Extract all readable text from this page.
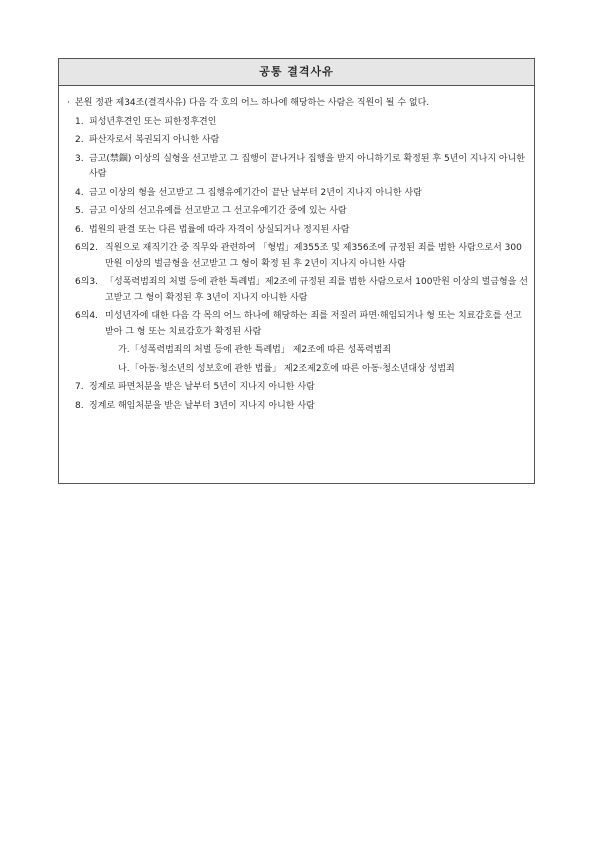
공통 결격사유
· 본원 정관 제34조(결격사유) 다음 각 호의 어느 하나에 해당하는 사람은 직원이 될 수 없다.
1. 피성년후견인 또는 피한정후견인
2. 파산자로서 복권되지 아니한 사람
3. 금고(禁錮) 이상의 실형을 선고받고 그 집행이 끝나거나 집행을 받지 아니하기로 확정된 후 5년이 지나지 아니한 사람
4. 금고 이상의 형을 선고받고 그 집행유예기간이 끝난 날부터 2년이 지나지 아니한 사람
5. 금고 이상의 선고유예를 선고받고 그 선고유예기간 중에 있는 사람
6. 법원의 판결 또는 다른 법률에 따라 자격이 상실되거나 정지된 사람
6의2. 직원으로 재직기간 중 직무와 관련하여 「형법」제355조 및 제356조에 규정된 죄를 범한 사람으로서 300만원 이상의 벌금형을 선고받고 그 형이 확정 된 후 2년이 지나지 아니한 사람
6의3. 「성폭력범죄의 처벌 등에 관한 특례법」제2조에 규정된 죄를 범한 사람으로서 100만원 이상의 벌금형을 선고받고 그 형이 확정된 후 3년이 지나지 아니한 사람
6의4. 미성년자에 대한 다음 각 목의 어느 하나에 해당하는 죄를 저질러 파면·해임되거나 형 또는 치료감호를 선고받아 그 형 또는 치료감호가 확정된 사람
가. 「성폭력범죄의 처벌 등에 관한 특례법」 제2조에 따른 성폭력범죄
나. 「아동·청소년의 성보호에 관한 법률」 제2조제2호에 따른 아동·청소년대상 성범죄
7. 징계로 파면처분을 받은 날부터 5년이 지나지 아니한 사람
8. 징계로 해임처분을 받은 날부터 3년이 지나지 아니한 사람
